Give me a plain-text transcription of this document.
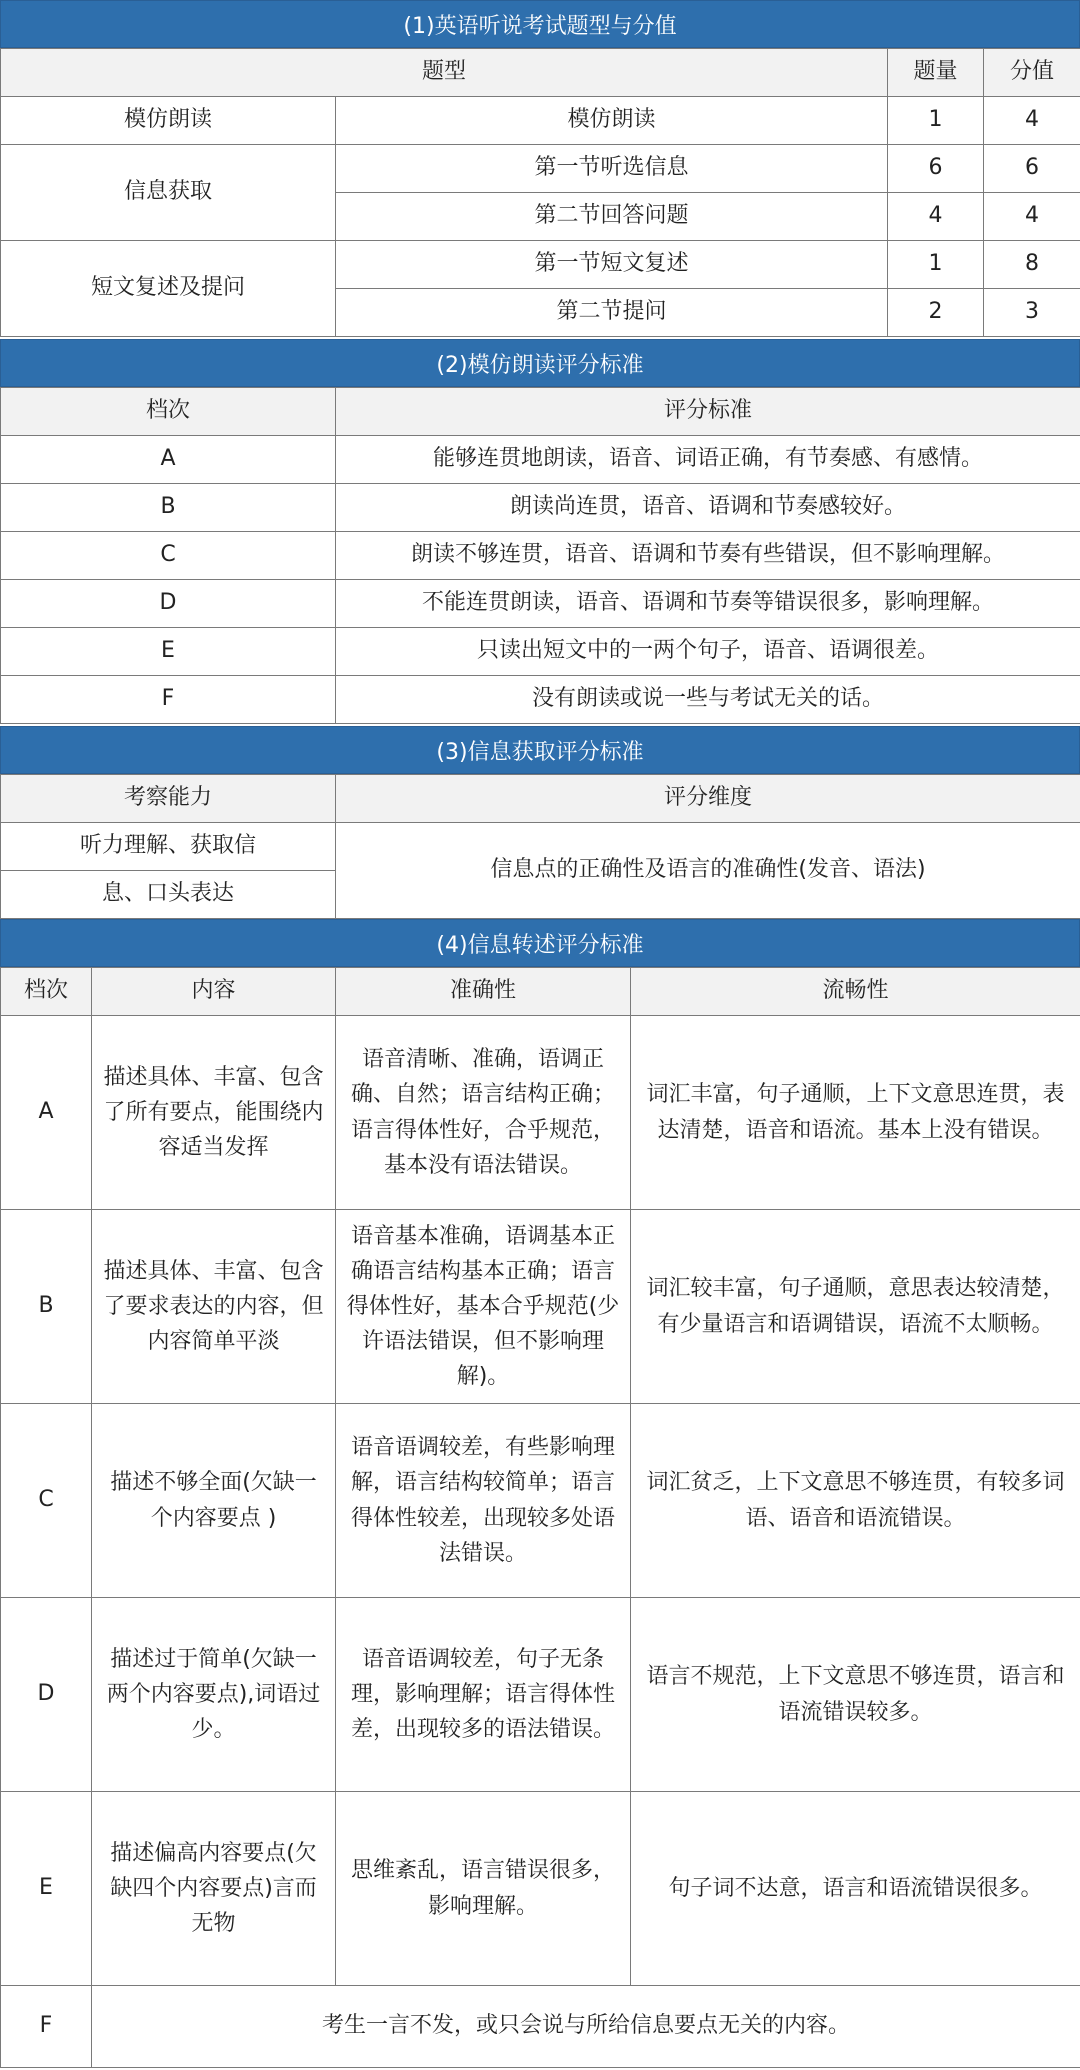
(1)英语听说考试题型与分值
题型		题量	分值
模仿朗读	模仿朗读	1	4
信息获取	第一节听选信息	6	6
	第二节回答问题	4	4
短文复述及提问	第一节短文复述	1	8
	第二节提问	2	3
(2)模仿朗读评分标准
档次	评分标准
A	能够连贯地朗读，语音、词语正确，有节奏感、有感情。
B	朗读尚连贯，语音、语调和节奏感较好。
C	朗读不够连贯，语音、语调和节奏有些错误，但不影响理解。
D	不能连贯朗读，语音、语调和节奏等错误很多，影响理解。
E	只读出短文中的一两个句子，语音、语调很差。
F	没有朗读或说一些与考试无关的话。
(3)信息获取评分标准
考察能力	评分维度
听力理解、获取信	信息点的正确性及语言的准确性(发音、语法)
息、口头表达	
(4)信息转述评分标准
档次	内容	准确性	流畅性
A	描述具体、丰富、包含了所有要点，能围绕内容适当发挥	语音清晰、准确，语调正确、自然；语言结构正确；语言得体性好，合乎规范，基本没有语法错误。	词汇丰富，句子通顺，上下文意思连贯，表达清楚，语音和语流。基本上没有错误。
B	描述具体、丰富、包含了要求表达的内容，但内容简单平淡	语音基本准确，语调基本正确语言结构基本正确；语言得体性好，基本合乎规范(少许语法错误，但不影响理解)。	词汇较丰富，句子通顺，意思表达较清楚，有少量语言和语调错误，语流不太顺畅。
C	描述不够全面(欠缺一个内容要点 )	语音语调较差，有些影响理解，语言结构较简单；语言得体性较差，出现较多处语法错误。	词汇贫乏，上下文意思不够连贯，有较多词语、语音和语流错误。
D	描述过于简单(欠缺一两个内容要点),词语过少。	语音语调较差，句子无条理，影响理解；语言得体性差，出现较多的语法错误。	语言不规范，上下文意思不够连贯，语言和语流错误较多。
E	描述偏高内容要点(欠缺四个内容要点)言而无物	思维紊乱，语言错误很多，影响理解。	句子词不达意，语言和语流错误很多。
F	考生一言不发，或只会说与所给信息要点无关的内容。		
